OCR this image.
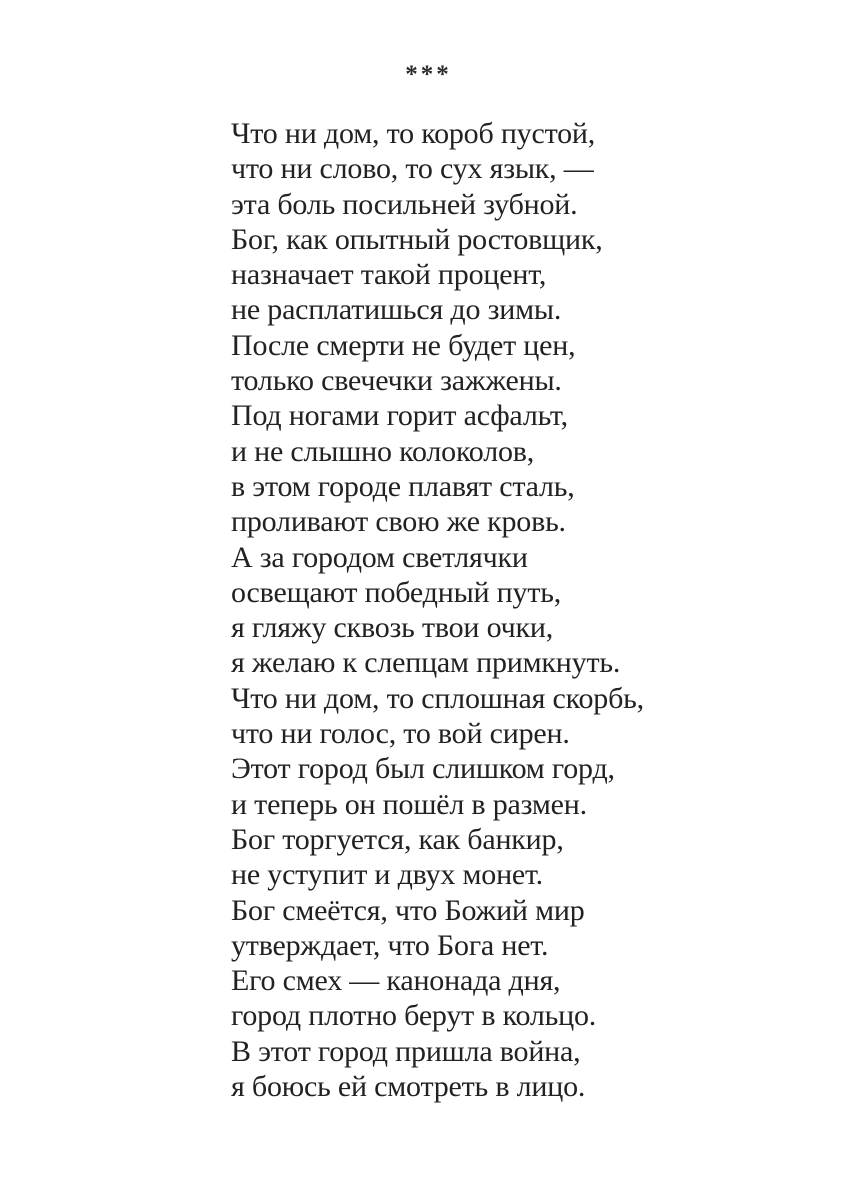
***
Что ни дом, то короб пустой,
что ни слово, то сух язык, —
эта боль посильней зубной.
Бог, как опытный ростовщик,
назначает такой процент,
не расплатишься до зимы.
После смерти не будет цен,
только свечечки зажжены.
Под ногами горит асфальт,
и не слышно колоколов,
в этом городе плавят сталь,
проливают свою же кровь.
А за городом светлячки
освещают победный путь,
я гляжу сквозь твои очки,
я желаю к слепцам примкнуть.
Что ни дом, то сплошная скорбь,
что ни голос, то вой сирен.
Этот город был слишком горд,
и теперь он пошёл в размен.
Бог торгуется, как банкир,
не уступит и двух монет.
Бог смеётся, что Божий мир
утверждает, что Бога нет.
Его смех — канонада дня,
город плотно берут в кольцо.
В этот город пришла война,
я боюсь ей смотреть в лицо.
